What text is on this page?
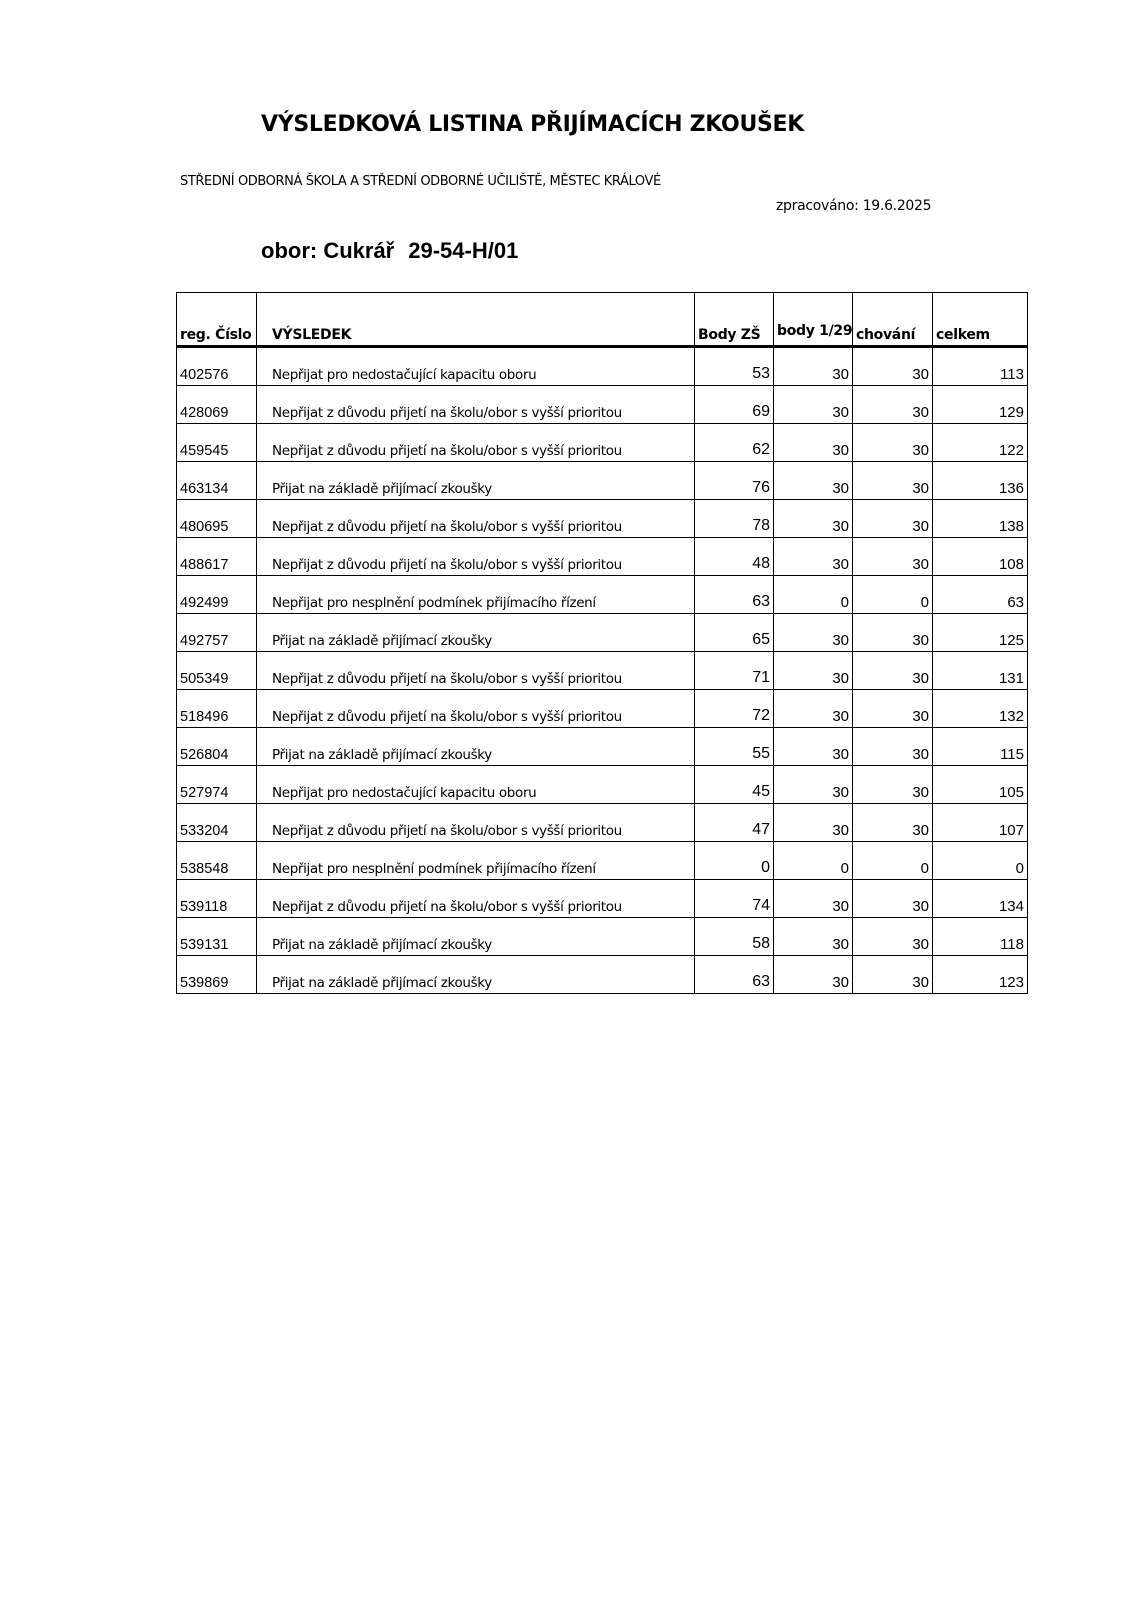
VÝSLEDKOVÁ LISTINA PŘIJÍMACÍCH ZKOUŠEK
STŘEDNÍ ODBORNÁ ŠKOLA A STŘEDNÍ ODBORNÉ UČILIŠTĚ, MĚSTEC KRÁLOVÉ
zpracováno: 19.6.2025
obor: Cukrář 29-54-H/01
reg. Číslo	VÝSLEDEK	Body ZŠ	body 1/29	chování	celkem
402576	Nepřijat pro nedostačující kapacitu oboru	53	30	30	113
428069	Nepřijat z důvodu přijetí na školu/obor s vyšší prioritou	69	30	30	129
459545	Nepřijat z důvodu přijetí na školu/obor s vyšší prioritou	62	30	30	122
463134	Přijat na základě přijímací zkoušky	76	30	30	136
480695	Nepřijat z důvodu přijetí na školu/obor s vyšší prioritou	78	30	30	138
488617	Nepřijat z důvodu přijetí na školu/obor s vyšší prioritou	48	30	30	108
492499	Nepřijat pro nesplnění podmínek přijímacího řízení	63	0	0	63
492757	Přijat na základě přijímací zkoušky	65	30	30	125
505349	Nepřijat z důvodu přijetí na školu/obor s vyšší prioritou	71	30	30	131
518496	Nepřijat z důvodu přijetí na školu/obor s vyšší prioritou	72	30	30	132
526804	Přijat na základě přijímací zkoušky	55	30	30	115
527974	Nepřijat pro nedostačující kapacitu oboru	45	30	30	105
533204	Nepřijat z důvodu přijetí na školu/obor s vyšší prioritou	47	30	30	107
538548	Nepřijat pro nesplnění podmínek přijímacího řízení	0	0	0	0
539118	Nepřijat z důvodu přijetí na školu/obor s vyšší prioritou	74	30	30	134
539131	Přijat na základě přijímací zkoušky	58	30	30	118
539869	Přijat na základě přijímací zkoušky	63	30	30	123
